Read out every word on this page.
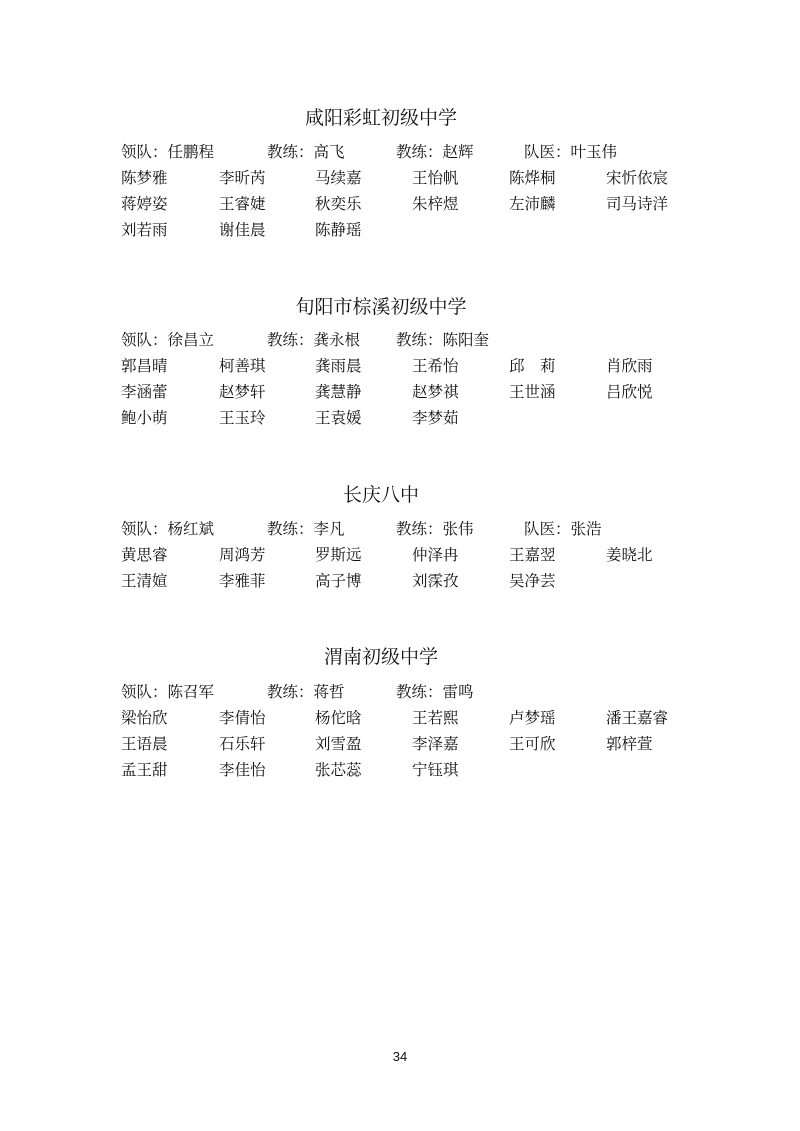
咸阳彩虹初级中学
领队：任鹏程	教练：高飞	教练：赵辉	队医：叶玉伟
陈梦雅	李昕芮	马续嘉	王怡帆	陈烨桐	宋忻依宸
蒋婷姿	王睿婕	秋奕乐	朱梓煜	左沛麟	司马诗洋
刘若雨	谢佳晨	陈静瑶
旬阳市棕溪初级中学
领队：徐昌立	教练：龚永根 教练：陈阳奎
郭昌晴	柯善琪	龚雨晨	王希怡	邱　莉	肖欣雨
李涵蕾	赵梦轩	龚慧静	赵梦祺	王世涵	吕欣悦
鲍小萌	王玉玲	王袁媛	李梦茹
长庆八中
领队：杨红斌	教练：李凡	教练：张伟	队医：张浩
黄思睿	周鸿芳	罗斯远	仲泽冉	王嘉翌	姜晓北
王清媗	李雅菲	高子博	刘霂孜	吴净芸
渭南初级中学
领队：陈召军	教练：蒋哲	教练：雷鸣
梁怡欣	李倩怡	杨佗晗	王若熙	卢梦瑶	潘王嘉睿
王语晨	石乐轩	刘雪盈	李泽嘉	王可欣	郭梓萱
孟王甜	李佳怡	张芯蕊	宁钰琪
34
